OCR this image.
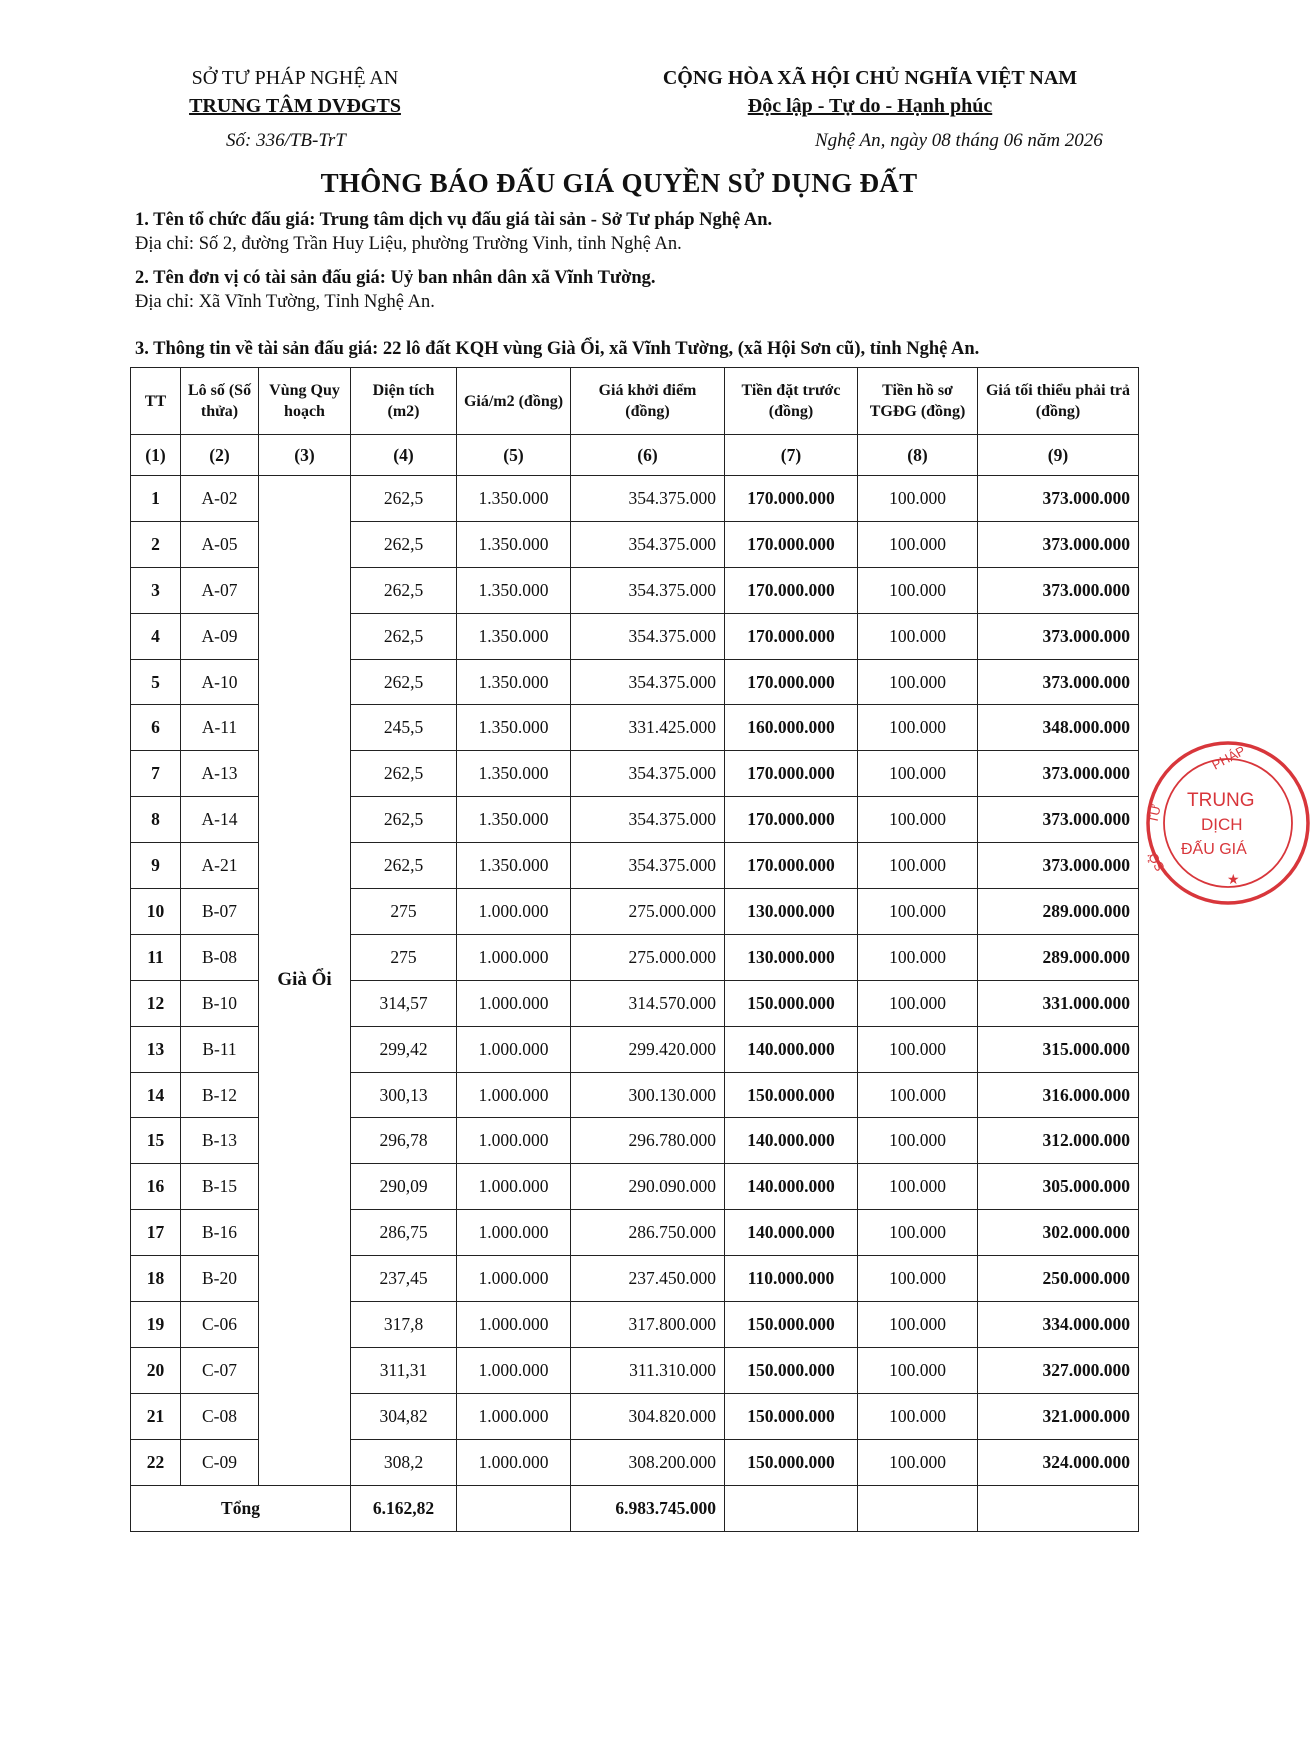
SỞ TƯ PHÁP NGHỆ AN
TRUNG TÂM DVĐGTS
CỘNG HÒA XÃ HỘI CHỦ NGHĨA VIỆT NAM
Độc lập - Tự do - Hạnh phúc
Số: 336/TB-TrT	Nghệ An, ngày 08 tháng 06 năm 2026
THÔNG BÁO ĐẤU GIÁ QUYỀN SỬ DỤNG ĐẤT
1. Tên tổ chức đấu giá: Trung tâm dịch vụ đấu giá tài sản - Sở Tư pháp Nghệ An.
Địa chỉ: Số 2, đường Trần Huy Liệu, phường Trường Vinh, tỉnh Nghệ An.
2. Tên đơn vị có tài sản đấu giá: Uỷ ban nhân dân xã Vĩnh Tường.
Địa chỉ: Xã Vĩnh Tường, Tỉnh Nghệ An.
3. Thông tin về tài sản đấu giá: 22 lô đất KQH vùng Già Ổi, xã Vĩnh Tường, (xã Hội Sơn cũ), tỉnh Nghệ An.
TT	Lô số (Số thửa)	Vùng Quy hoạch	Diện tích (m2)	Giá/m2 (đồng)	Giá khởi điểm (đồng)	Tiền đặt trước (đồng)	Tiền hồ sơ TGĐG (đồng)	Giá tối thiểu phải trả (đồng)
(1)	(2)	(3)	(4)	(5)	(6)	(7)	(8)	(9)
1	A-02	Già Ổi	262,5	1.350.000	354.375.000	170.000.000	100.000	373.000.000
2	A-05		262,5	1.350.000	354.375.000	170.000.000	100.000	373.000.000
3	A-07		262,5	1.350.000	354.375.000	170.000.000	100.000	373.000.000
4	A-09		262,5	1.350.000	354.375.000	170.000.000	100.000	373.000.000
5	A-10		262,5	1.350.000	354.375.000	170.000.000	100.000	373.000.000
6	A-11		245,5	1.350.000	331.425.000	160.000.000	100.000	348.000.000
7	A-13		262,5	1.350.000	354.375.000	170.000.000	100.000	373.000.000
8	A-14		262,5	1.350.000	354.375.000	170.000.000	100.000	373.000.000
9	A-21		262,5	1.350.000	354.375.000	170.000.000	100.000	373.000.000
10	B-07		275	1.000.000	275.000.000	130.000.000	100.000	289.000.000
11	B-08		275	1.000.000	275.000.000	130.000.000	100.000	289.000.000
12	B-10		314,57	1.000.000	314.570.000	150.000.000	100.000	331.000.000
13	B-11		299,42	1.000.000	299.420.000	140.000.000	100.000	315.000.000
14	B-12		300,13	1.000.000	300.130.000	150.000.000	100.000	316.000.000
15	B-13		296,78	1.000.000	296.780.000	140.000.000	100.000	312.000.000
16	B-15		290,09	1.000.000	290.090.000	140.000.000	100.000	305.000.000
17	B-16		286,75	1.000.000	286.750.000	140.000.000	100.000	302.000.000
18	B-20		237,45	1.000.000	237.450.000	110.000.000	100.000	250.000.000
19	C-06		317,8	1.000.000	317.800.000	150.000.000	100.000	334.000.000
20	C-07		311,31	1.000.000	311.310.000	150.000.000	100.000	327.000.000
21	C-08		304,82	1.000.000	304.820.000	150.000.000	100.000	321.000.000
22	C-09		308,2	1.000.000	308.200.000	150.000.000	100.000	324.000.000
Tổng			6.162,82		6.983.745.000			
PHÁP
TƯ
SỞ
TRUNG
DỊCH
ĐẤU GIÁ
★
